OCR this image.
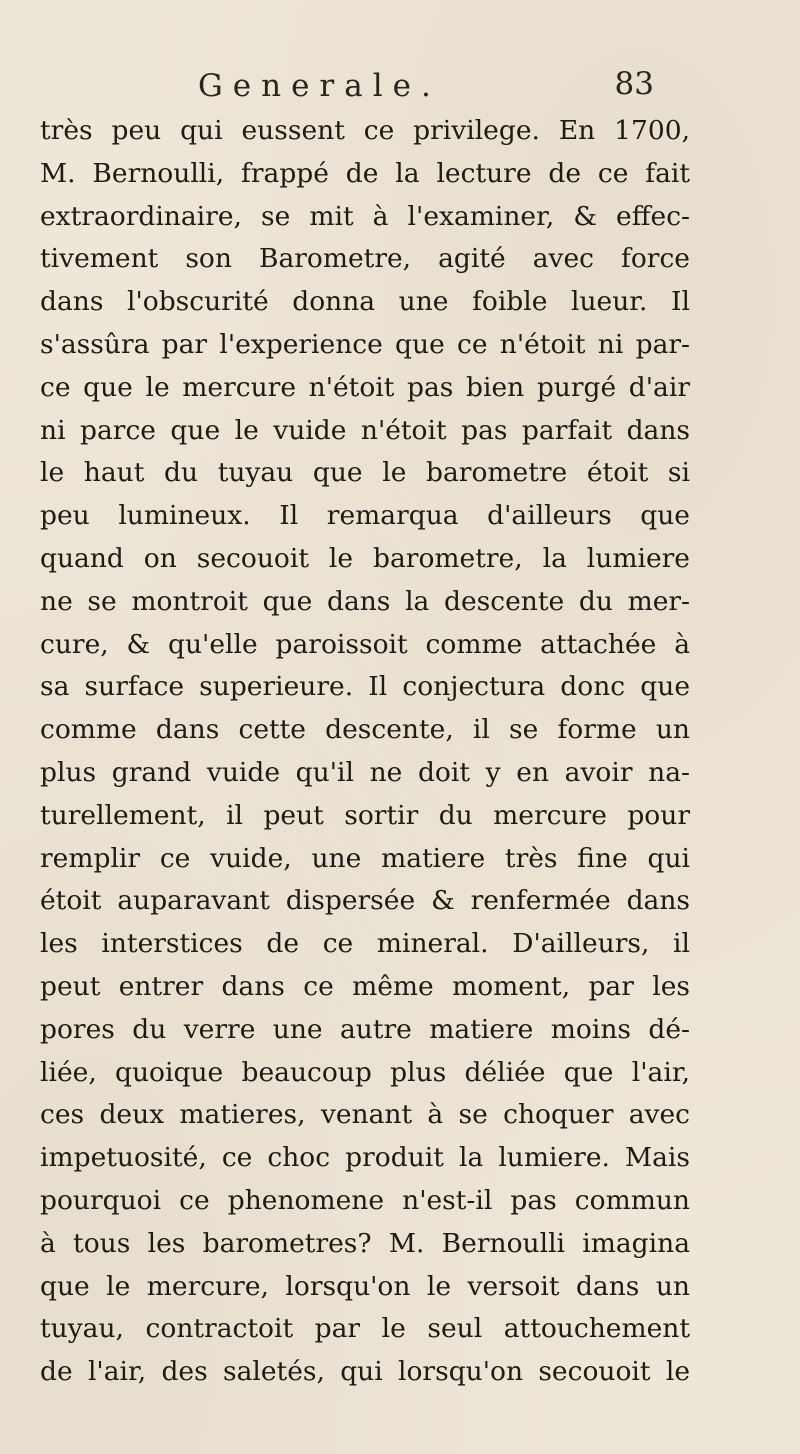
Generale.	83
très peu qui eussent ce privilege. En 1700,
M. Bernoulli, frappé de la lecture de ce fait
extraordinaire, se mit à l'examiner, & effec-
tivement son Barometre, agité avec force
dans l'obscurité donna une foible lueur. Il
s'assûra par l'experience que ce n'étoit ni par-
ce que le mercure n'étoit pas bien purgé d'air
ni parce que le vuide n'étoit pas parfait dans
le haut du tuyau que le barometre étoit si
peu lumineux. Il remarqua d'ailleurs que
quand on secouoit le barometre, la lumiere
ne se montroit que dans la descente du mer-
cure, & qu'elle paroissoit comme attachée à
sa surface superieure. Il conjectura donc que
comme dans cette descente, il se forme un
plus grand vuide qu'il ne doit y en avoir na-
turellement, il peut sortir du mercure pour
remplir ce vuide, une matiere très fine qui
étoit auparavant dispersée & renfermée dans
les interstices de ce mineral. D'ailleurs, il
peut entrer dans ce même moment, par les
pores du verre une autre matiere moins dé-
liée, quoique beaucoup plus déliée que l'air,
ces deux matieres, venant à se choquer avec
impetuosité, ce choc produit la lumiere. Mais
pourquoi ce phenomene n'est-il pas commun
à tous les barometres? M. Bernoulli imagina
que le mercure, lorsqu'on le versoit dans un
tuyau, contractoit par le seul attouchement
de l'air, des saletés, qui lorsqu'on secouoit le
